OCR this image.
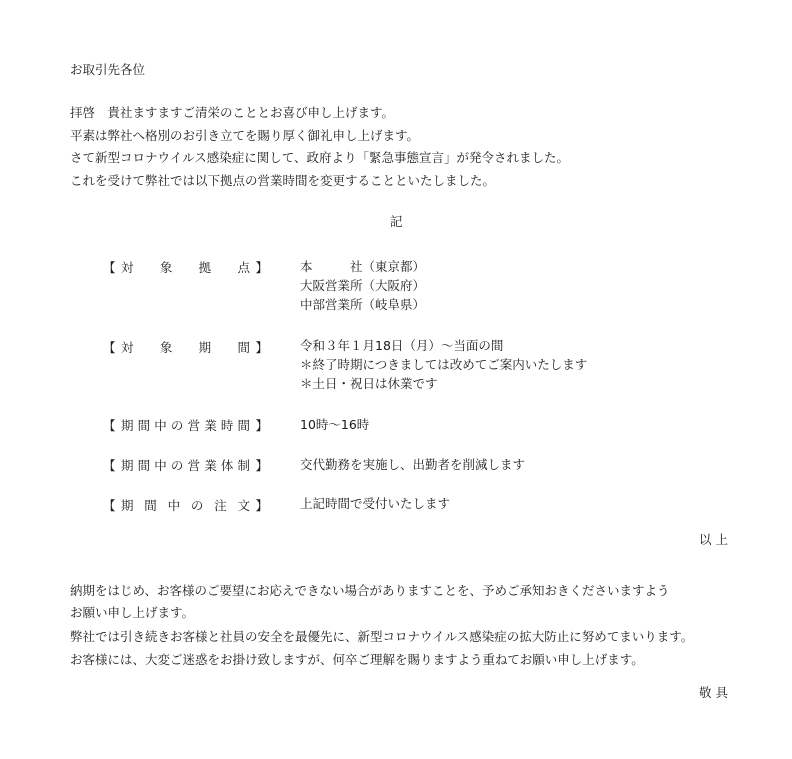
お取引先各位
拝啓　貴社ますますご清栄のこととお喜び申し上げます。
平素は弊社へ格別のお引き立てを賜り厚く御礼申し上げます。
さて新型コロナウイルス感染症に関して、政府より「緊急事態宣言」が発令されました。
これを受けて弊社では以下拠点の営業時間を変更することといたしました。
記
【 対 象 拠 点 】	本　　　社（東京都）
大阪営業所（大阪府）
中部営業所（岐阜県）
【 対 象 期 間 】	令和３年１月18日（月）～当面の間
＊終了時期につきましては改めてご案内いたします
＊土日・祝日は休業です
【 期 間 中 の 営 業 時 間 】	10時～16時
【 期 間 中 の 営 業 体 制 】	交代勤務を実施し、出勤者を削減します
【 期 間 中 の 注 文 】	上記時間で受付いたします
以 上
納期をはじめ、お客様のご要望にお応えできない場合がありますことを、予めご承知おきくださいますよう
お願い申し上げます。
弊社では引き続きお客様と社員の安全を最優先に、新型コロナウイルス感染症の拡大防止に努めてまいります。
お客様には、大変ご迷惑をお掛け致しますが、何卒ご理解を賜りますよう重ねてお願い申し上げます。
敬 具
